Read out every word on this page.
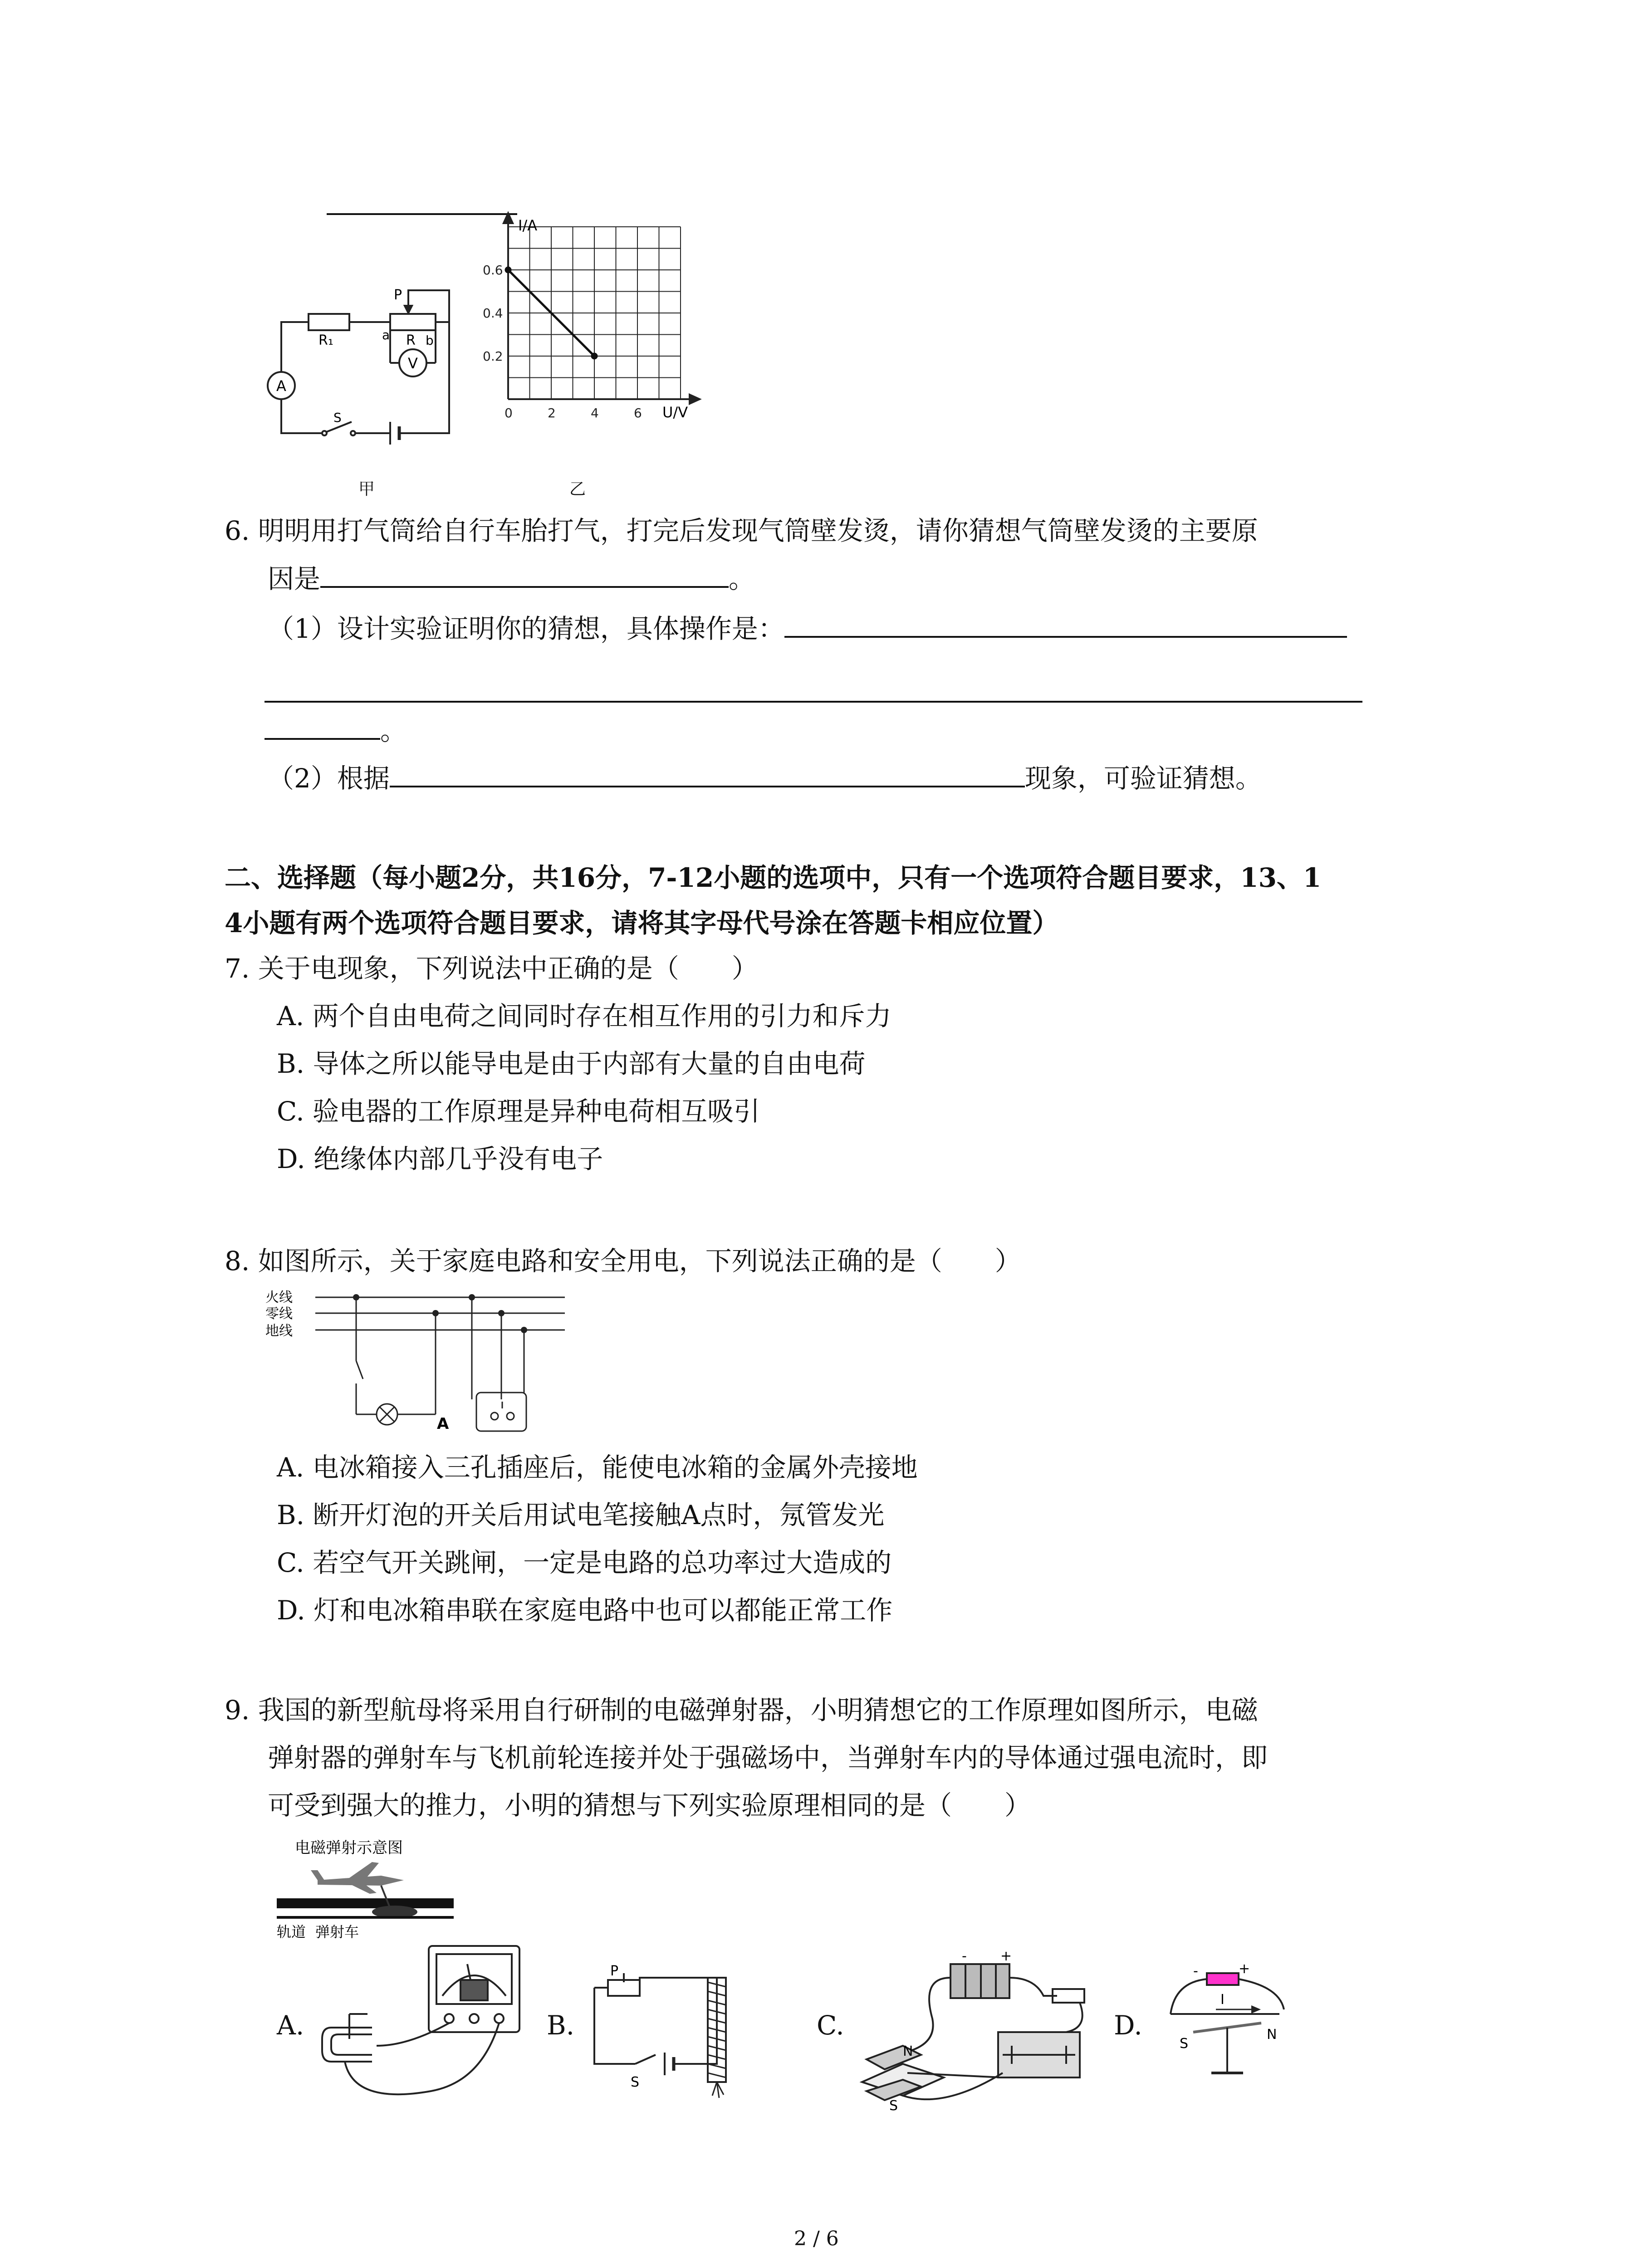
R₁
P
a R b
A
V
S
甲
0	2	4	6
0.2
0.4
0.6
I/A
U/V
乙
6. 明明用打气筒给自行车胎打气，打完后发现气筒壁发烫，请你猜想气筒壁发烫的主要原
因是	。
（1）设计实验证明你的猜想，具体操作是：
。
（2）根据	现象，可验证猜想。
二、选择题（每小题2分，共16分，7-12小题的选项中，只有一个选项符合题目要求，13、1
4小题有两个选项符合题目要求，请将其字母代号涂在答题卡相应位置）
7. 关于电现象，下列说法中正确的是（　　）
A. 两个自由电荷之间同时存在相互作用的引力和斥力
B. 导体之所以能导电是由于内部有大量的自由电荷
C. 验电器的工作原理是异种电荷相互吸引
D. 绝缘体内部几乎没有电子
8. 如图所示，关于家庭电路和安全用电，下列说法正确的是（　　）
火线
零线
地线
A
A. 电冰箱接入三孔插座后，能使电冰箱的金属外壳接地
B. 断开灯泡的开关后用试电笔接触A点时，氖管发光
C. 若空气开关跳闸，一定是电路的总功率过大造成的
D. 灯和电冰箱串联在家庭电路中也可以都能正常工作
9. 我国的新型航母将采用自行研制的电磁弹射器，小明猜想它的工作原理如图所示，电磁
弹射器的弹射车与飞机前轮连接并处于强磁场中，当弹射车内的导体通过强电流时，即
可受到强大的推力，小明的猜想与下列实验原理相同的是（　　）
电磁弹射示意图
轨道 弹射车
A.	B.	C.	D.
P
S
N
S
- +
-	+
I
S
N
2 / 6
